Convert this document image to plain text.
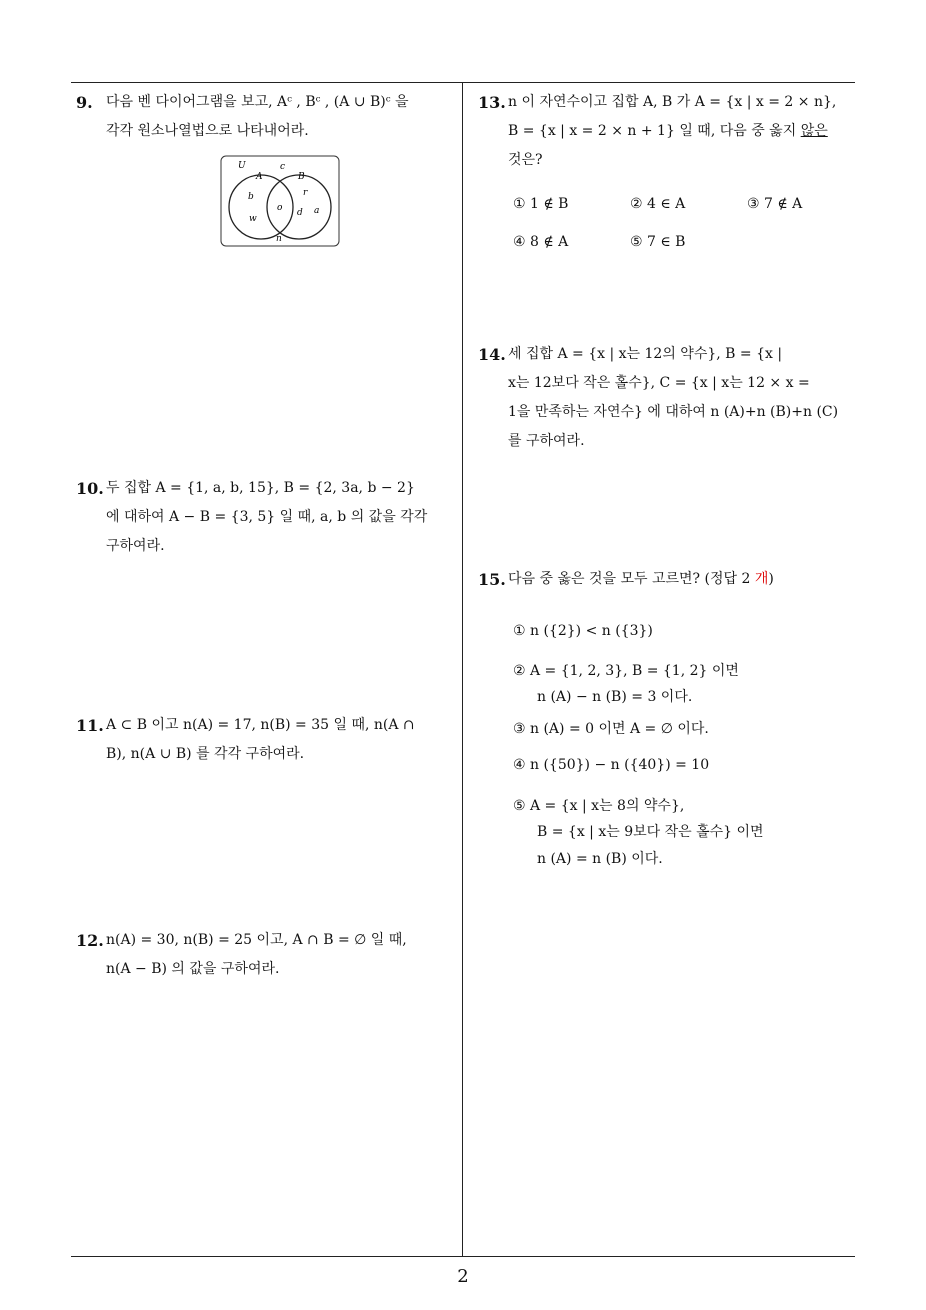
9. 다음 벤 다이어그램을 보고, Aᶜ , Bᶜ , (A ∪ B)ᶜ 을
각각 원소나열법으로 나타내어라.
U
A	B
c
b
w
o
r
d a
n
10. 두 집합 A = {1, a, b, 15}, B = {2, 3a, b − 2}
에 대하여 A − B = {3, 5} 일 때, a, b 의 값을 각각
구하여라.
11. A ⊂ B 이고 n(A) = 17, n(B) = 35 일 때, n(A ∩
B), n(A ∪ B) 를 각각 구하여라.
12. n(A) = 30, n(B) = 25 이고, A ∩ B = ∅ 일 때,
n(A − B) 의 값을 구하여라.
13. n 이 자연수이고 집합 A, B 가 A = {x | x = 2 × n},
B = {x | x = 2 × n + 1} 일 때, 다음 중 옳지 않은
것은?
① 1 ∉ B	② 4 ∈ A	③ 7 ∉ A
④ 8 ∉ A	⑤ 7 ∈ B
14. 세 집합 A = {x | x는 12의 약수}, B = {x |
x는 12보다 작은 홀수}, C = {x | x는 12 × x =
1을 만족하는 자연수} 에 대하여 n (A)+n (B)+n (C)
를 구하여라.
15. 다음 중 옳은 것을 모두 고르면? (정답 2 개)
① n ({2}) < n ({3})
② A = {1, 2, 3}, B = {1, 2} 이면
n (A) − n (B) = 3 이다.
③ n (A) = 0 이면 A = ∅ 이다.
④ n ({50}) − n ({40}) = 10
⑤ A = {x | x는 8의 약수},
B = {x | x는 9보다 작은 홀수} 이면
n (A) = n (B) 이다.
2
